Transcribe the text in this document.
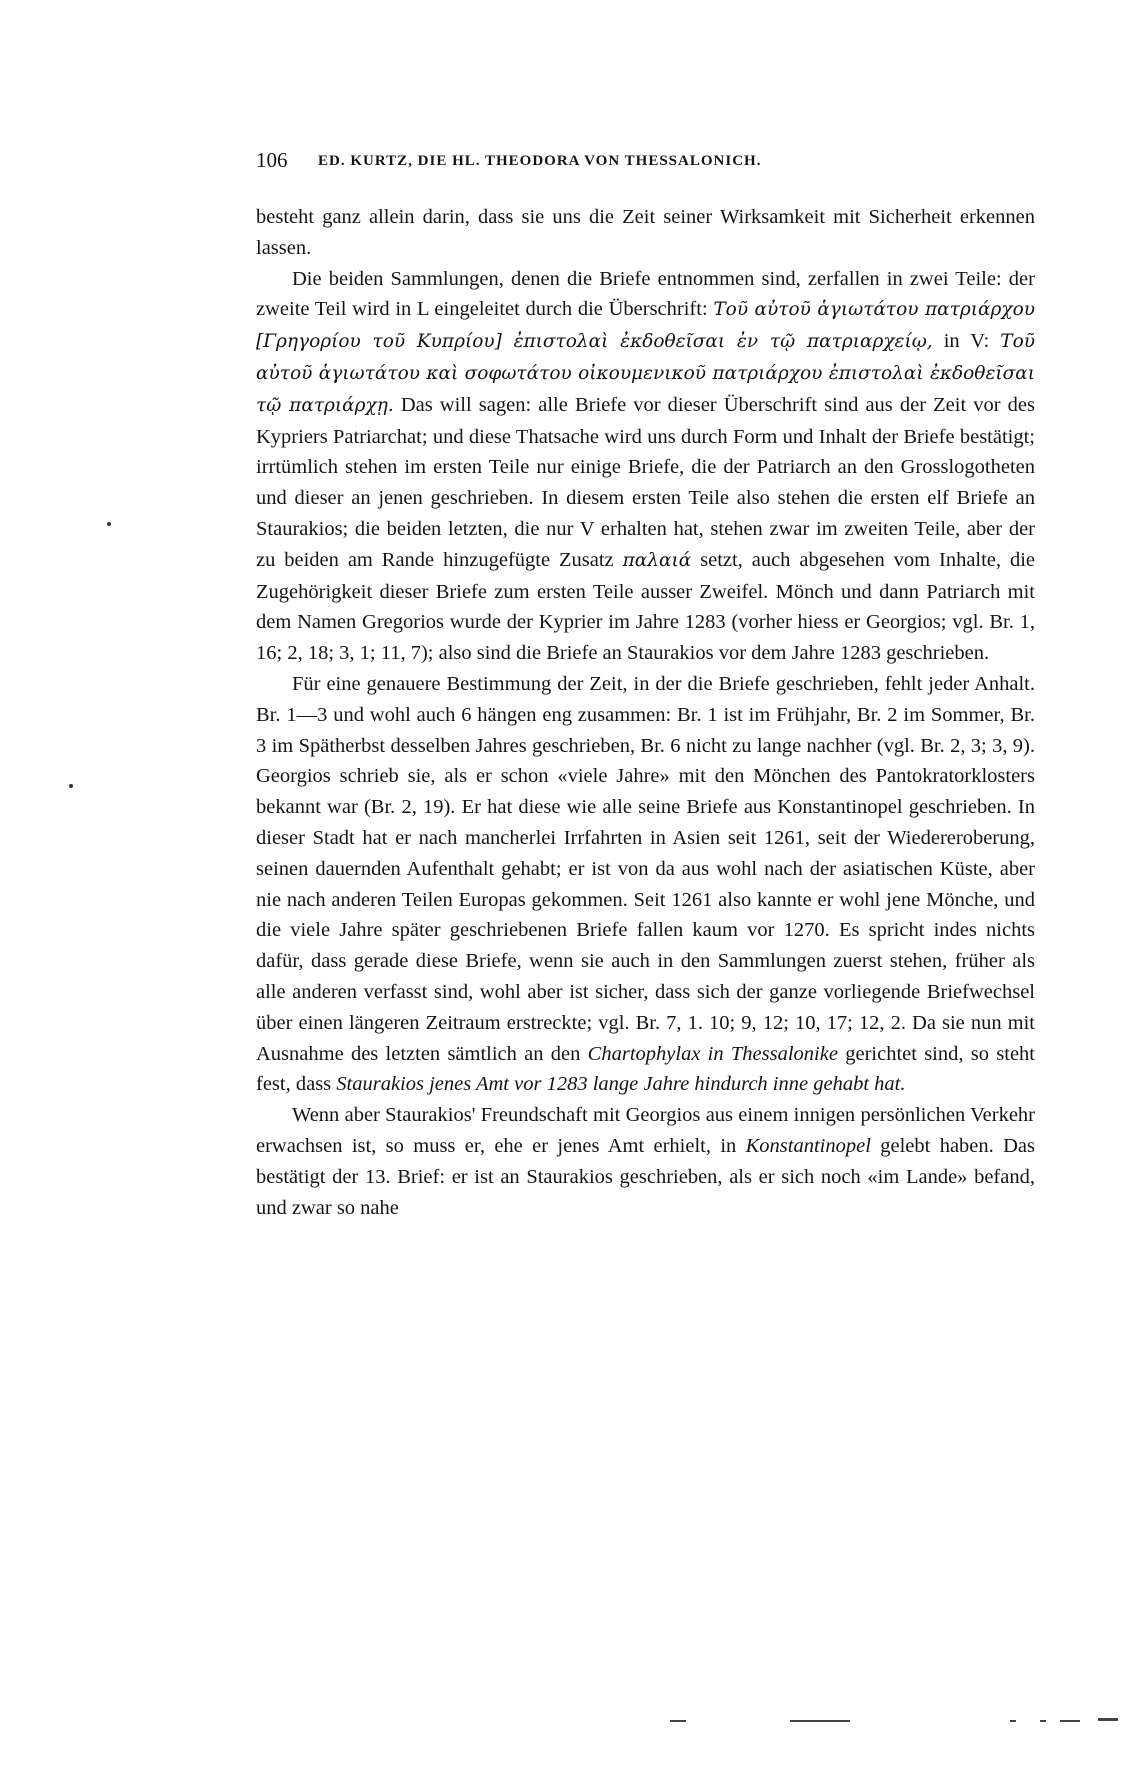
106 ED. KURTZ, DIE HL. THEODORA VON THESSALONICH.

besteht ganz allein darin, dass sie uns die Zeit seiner Wirksamkeit mit Sicherheit erkennen lassen.

Die beiden Sammlungen, denen die Briefe entnommen sind, zerfallen in zwei Teile: der zweite Teil wird in L eingeleitet durch die Überschrift: Τοῦ αὐτοῦ ἁγιωτάτου πατριάρχου [Γρηγορίου τοῦ Κυπρίου] ἐπιστολαὶ ἐκδοθεῖσαι ἐν τῷ πατριαρχείῳ, in V: Τοῦ αὐτοῦ ἁγιωτάτου καὶ σοφωτάτου οἰκουμενικοῦ πατριάρχου ἐπιστολαὶ ἐκδοθεῖσαι τῷ πατριάρχῃ. Das will sagen: alle Briefe vor dieser Überschrift sind aus der Zeit vor des Kypriers Patriarchat; und diese Thatsache wird uns durch Form und Inhalt der Briefe bestätigt; irrtümlich stehen im ersten Teile nur einige Briefe, die der Patriarch an den Grosslogotheten und dieser an jenen geschrieben. In diesem ersten Teile also stehen die ersten elf Briefe an Staurakios; die beiden letzten, die nur V erhalten hat, stehen zwar im zweiten Teile, aber der zu beiden am Rande hinzugefügte Zusatz παλαιά setzt, auch abgesehen vom Inhalte, die Zugehörigkeit dieser Briefe zum ersten Teile ausser Zweifel. Mönch und dann Patriarch mit dem Namen Gregorios wurde der Kyprier im Jahre 1283 (vorher hiess er Georgios; vgl. Br. 1, 16; 2, 18; 3, 1; 11, 7); also sind die Briefe an Staurakios vor dem Jahre 1283 geschrieben.

Für eine genauere Bestimmung der Zeit, in der die Briefe geschrieben, fehlt jeder Anhalt. Br. 1—3 und wohl auch 6 hängen eng zusammen: Br. 1 ist im Frühjahr, Br. 2 im Sommer, Br. 3 im Spätherbst desselben Jahres geschrieben, Br. 6 nicht zu lange nachher (vgl. Br. 2, 3; 3, 9). Georgios schrieb sie, als er schon «viele Jahre» mit den Mönchen des Pantokratorklosters bekannt war (Br. 2, 19). Er hat diese wie alle seine Briefe aus Konstantinopel geschrieben. In dieser Stadt hat er nach mancherlei Irrfahrten in Asien seit 1261, seit der Wiedereroberung, seinen dauernden Aufenthalt gehabt; er ist von da aus wohl nach der asiatischen Küste, aber nie nach anderen Teilen Europas gekommen. Seit 1261 also kannte er wohl jene Mönche, und die viele Jahre später geschriebenen Briefe fallen kaum vor 1270. Es spricht indes nichts dafür, dass gerade diese Briefe, wenn sie auch in den Sammlungen zuerst stehen, früher als alle anderen verfasst sind, wohl aber ist sicher, dass sich der ganze vorliegende Briefwechsel über einen längeren Zeitraum erstreckte; vgl. Br. 7, 1. 10; 9, 12; 10, 17; 12, 2. Da sie nun mit Ausnahme des letzten sämtlich an den Chartophylax in Thessalonike gerichtet sind, so steht fest, dass Staurakios jenes Amt vor 1283 lange Jahre hindurch inne gehabt hat.

Wenn aber Staurakios' Freundschaft mit Georgios aus einem innigen persönlichen Verkehr erwachsen ist, so muss er, ehe er jenes Amt erhielt, in Konstantinopel gelebt haben. Das bestätigt der 13. Brief: er ist an Staurakios geschrieben, als er sich noch «im Lande» befand, und zwar so nahe
